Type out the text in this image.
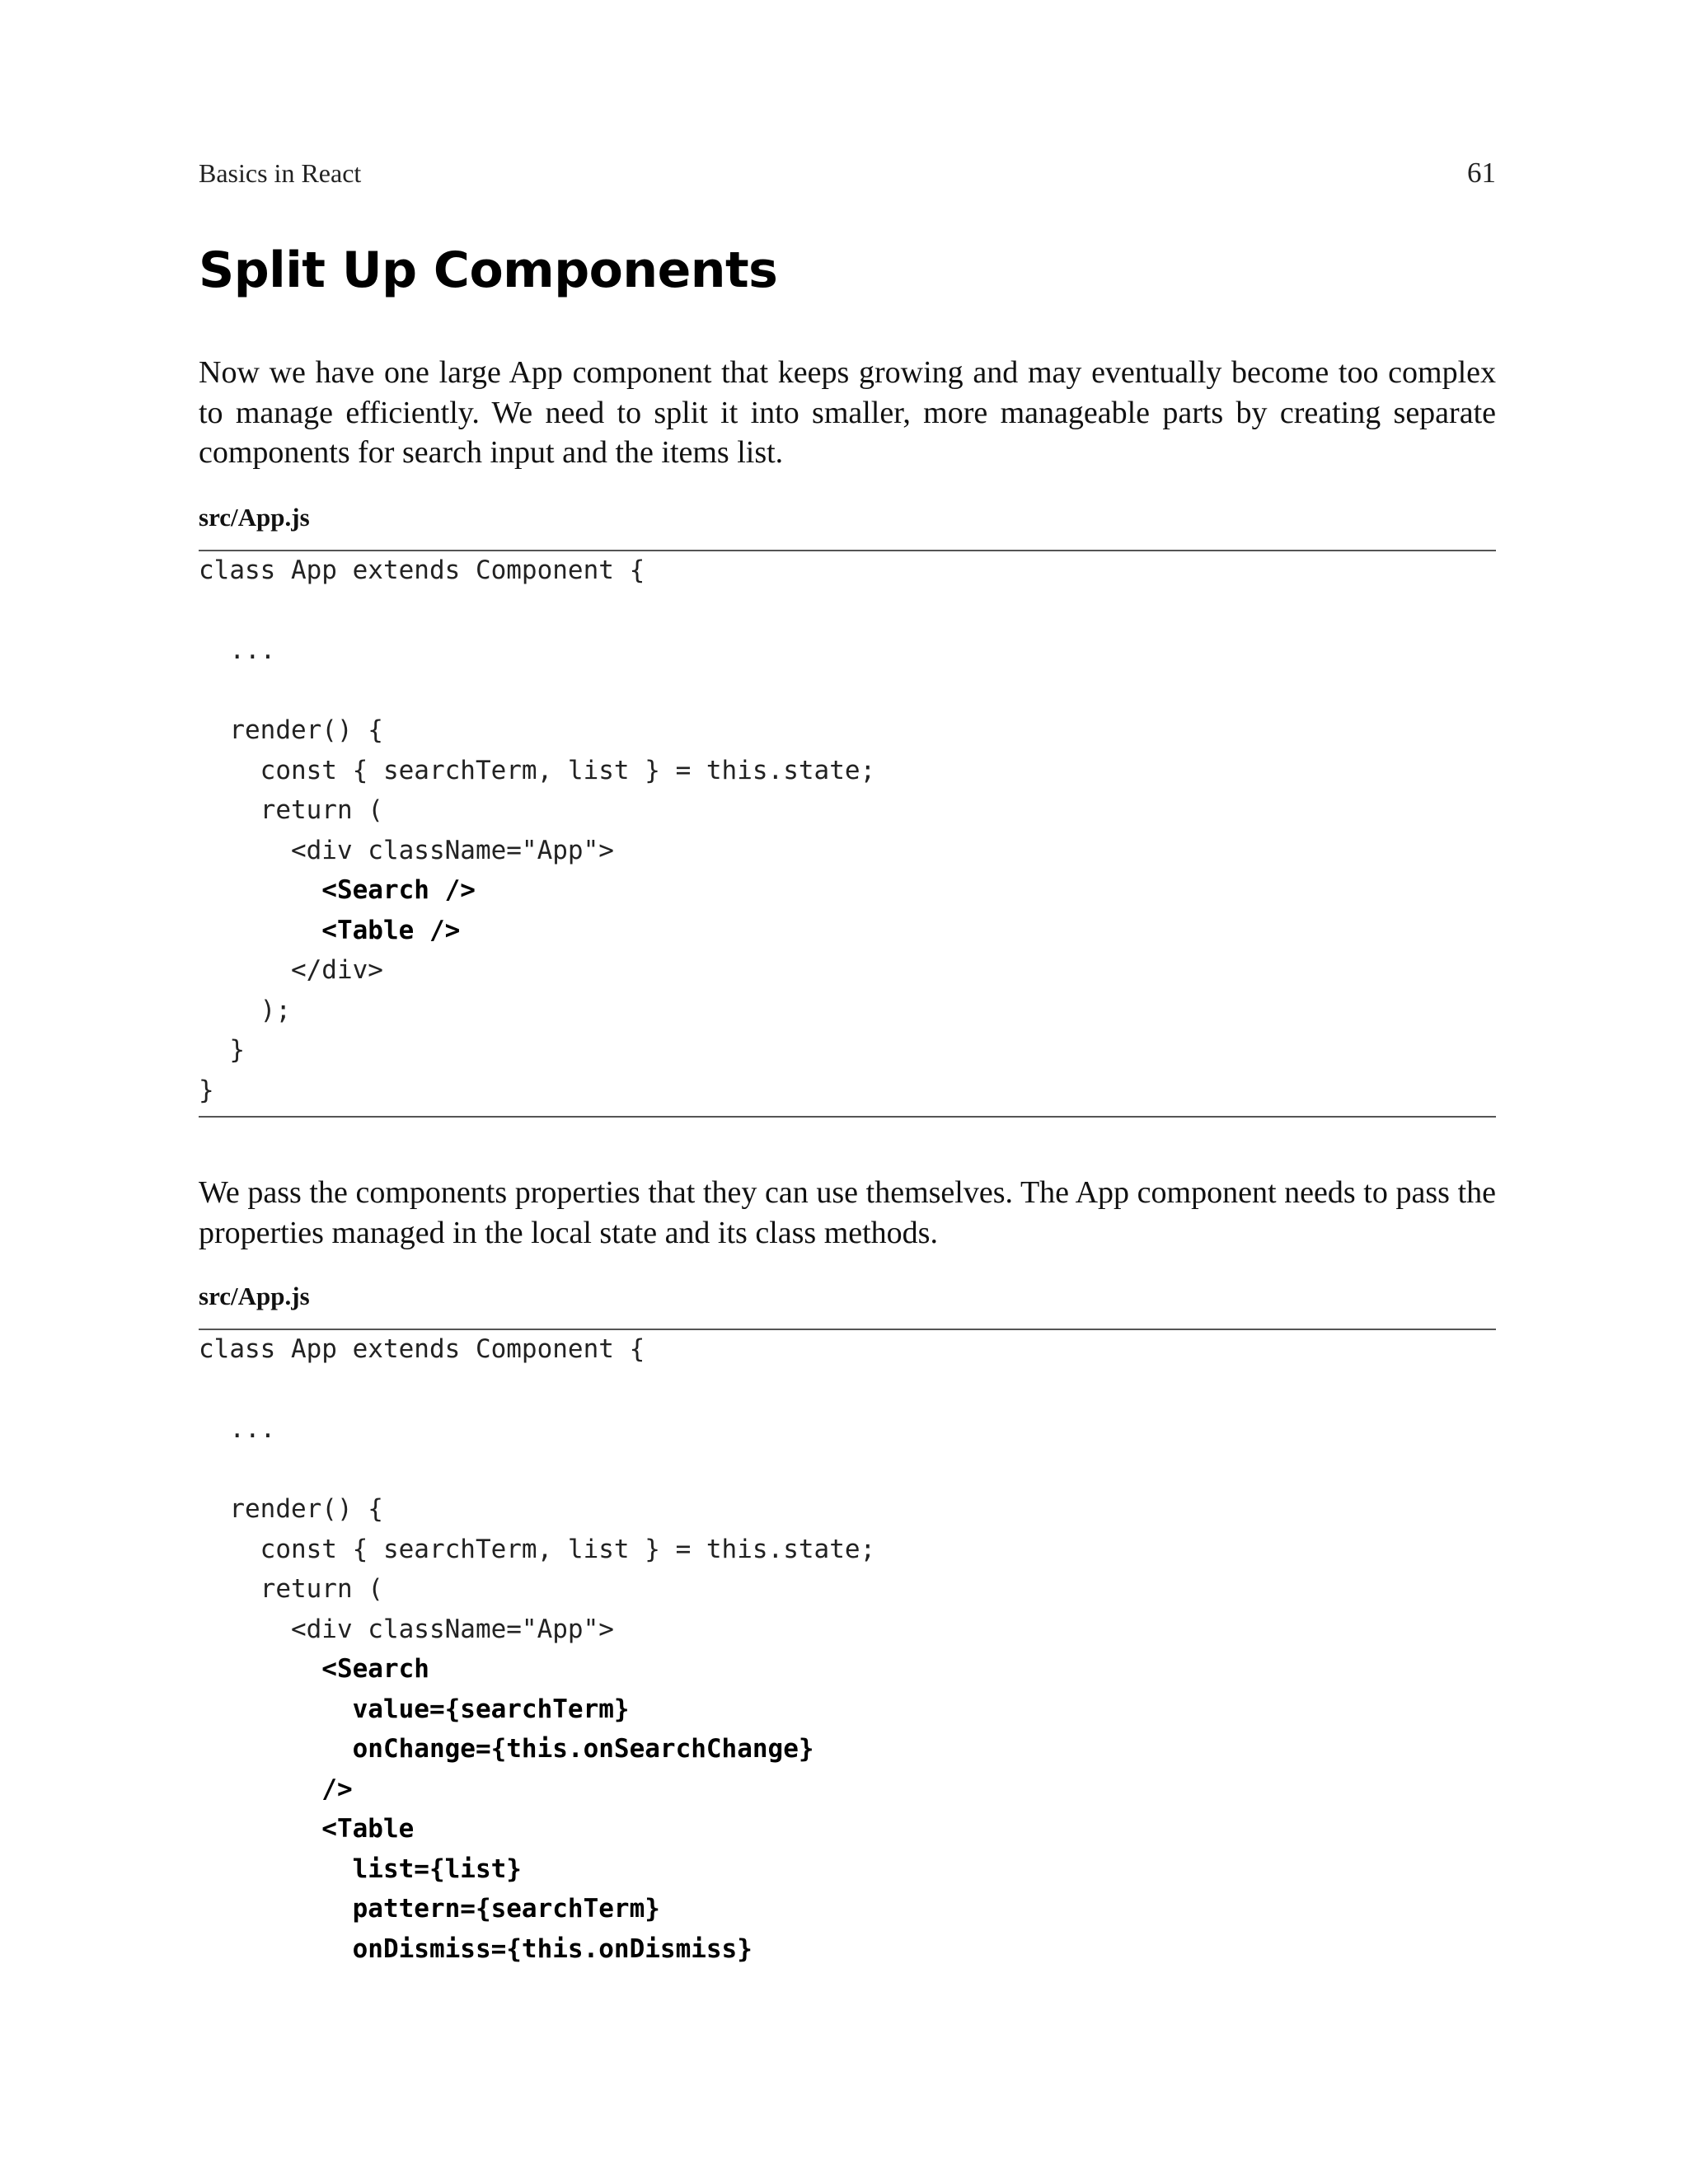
Basics in React	61
Split Up Components

Now we have one large App component that keeps growing and may eventually become too complex to manage efficiently. We need to split it into smaller, more manageable parts by creating separate components for search input and the items list.

src/App.js
class App extends Component {
...
render() {
const { searchTerm, list } = this.state;
return (
<div className="App">
<Search />
<Table />
</div>
);
}
}

We pass the components properties that they can use themselves. The App component needs to pass the properties managed in the local state and its class methods.

src/App.js
class App extends Component {
...
render() {
const { searchTerm, list } = this.state;
return (
<div className="App">
<Search
value={searchTerm}
onChange={this.onSearchChange}
/>
<Table
list={list}
pattern={searchTerm}
onDismiss={this.onDismiss}
